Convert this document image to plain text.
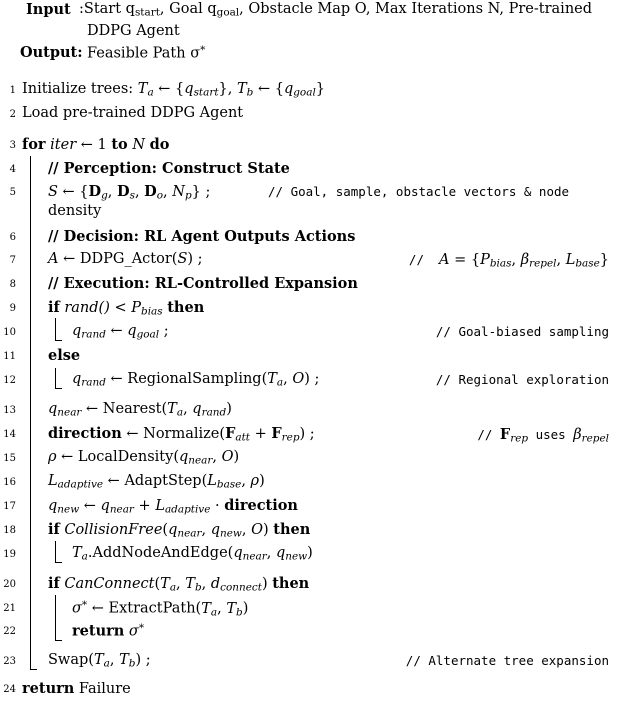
Input :Start $q_{start}$, Goal $q_{goal}$, Obstacle Map O, Max Iterations N, Pre-trained
DDPG Agent
Output: Feasible Path σ*
1 Initialize trees: $T_a$ ← $\{q_{start}\}$, $T_b$ ← $\{q_{goal}\}$
2 Load pre-trained DDPG Agent
3 for iter ← 1 to N do
4 // Perception: Construct State
5 S ← {$D_g$, $D_s$, $D_o$, $N_p$} ;	// Goal, sample, obstacle vectors & node
density
6 // Decision: RL Agent Outputs Actions
7 A ← DDPG_Actor(S) ;	//  $A = \{P_{bias}$, $\beta_{repel}$, $L_{base}$}
8 // Execution: RL-Controlled Expansion
9 if rand() < $P_{bias}$ then
10	$q_{rand}$ ← $q_{goal}$ ;	// Goal-biased sampling
11 else
12	$q_{rand}$ ← $RegionalSampling(T_a$, O) ;	// Regional exploration
13 $q_{near}$ ← $Nearest(T_a$, $q_{rand}$)
14 direction ← $Normalize(F_{att} + F_{rep})$ ;	// $F_{rep}$ uses $\beta_{repel}$
15 ρ ← $LocalDensity(q_{near}$, O)
16 $L_{adaptive}$ ← $AdaptStep(L_{base}$, ρ)
17 $q_{new}$ ← $q_{near} + L_{adaptive}$ · direction
18 if $CollisionFree(q_{near}$, $q_{new}$, O) then
19	$T_a.AddNodeAndEdge(q_{near}$, $q_{new}$)
20 if $CanConnect(T_a$, $T_b$, $d_{connect}$) then
21	σ* ← $ExtractPath(T_a$, $T_b$)
22	return σ*
23 $Swap(T_a$, $T_b$) ;	// Alternate tree expansion
24 return Failure
